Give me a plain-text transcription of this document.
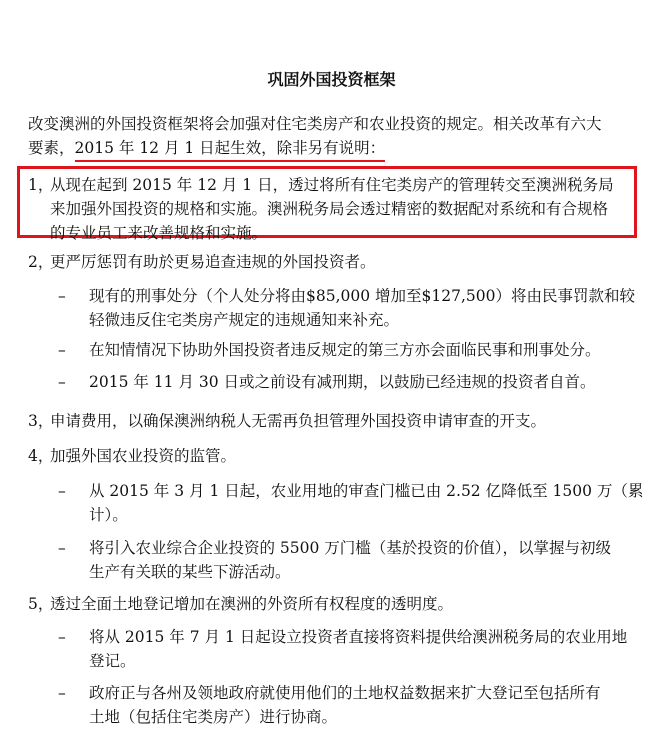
巩固外国投资框架
改变澳洲的外国投资框架将会加强对住宅类房产和农业投资的规定。相关改革有六大
要素，2015 年 12 月 1 日起生效，除非另有说明：
1，
从现在起到 2015 年 12 月 1 日，透过将所有住宅类房产的管理转交至澳洲税务局
来加强外国投资的规格和实施。澳洲税务局会透过精密的数据配对系统和有合规格
的专业员工来改善规格和实施。
2，
更严厉惩罚有助於更易追查违规的外国投资者。
–	现有的刑事处分（个人处分将由$85,000 增加至$127,500）将由民事罚款和较
轻微违反住宅类房产规定的违规通知来补充。
–	在知情情况下协助外国投资者违反规定的第三方亦会面临民事和刑事处分。
–	2015 年 11 月 30 日或之前设有减刑期，以鼓励已经违规的投资者自首。
3，
申请费用，以确保澳洲纳税人无需再负担管理外国投资申请审查的开支。
4，
加强外国农业投资的监管。
–	从 2015 年 3 月 1 日起，农业用地的审查门槛已由 2.52 亿降低至 1500 万（累
计）。
–	将引入农业综合企业投资的 5500 万门槛（基於投资的价值），以掌握与初级
生产有关联的某些下游活动。
5，
透过全面土地登记增加在澳洲的外资所有权程度的透明度。
–	将从 2015 年 7 月 1 日起设立投资者直接将资料提供给澳洲税务局的农业用地
登记。
–	政府正与各州及领地政府就使用他们的土地权益数据来扩大登记至包括所有
土地（包括住宅类房产）进行协商。
